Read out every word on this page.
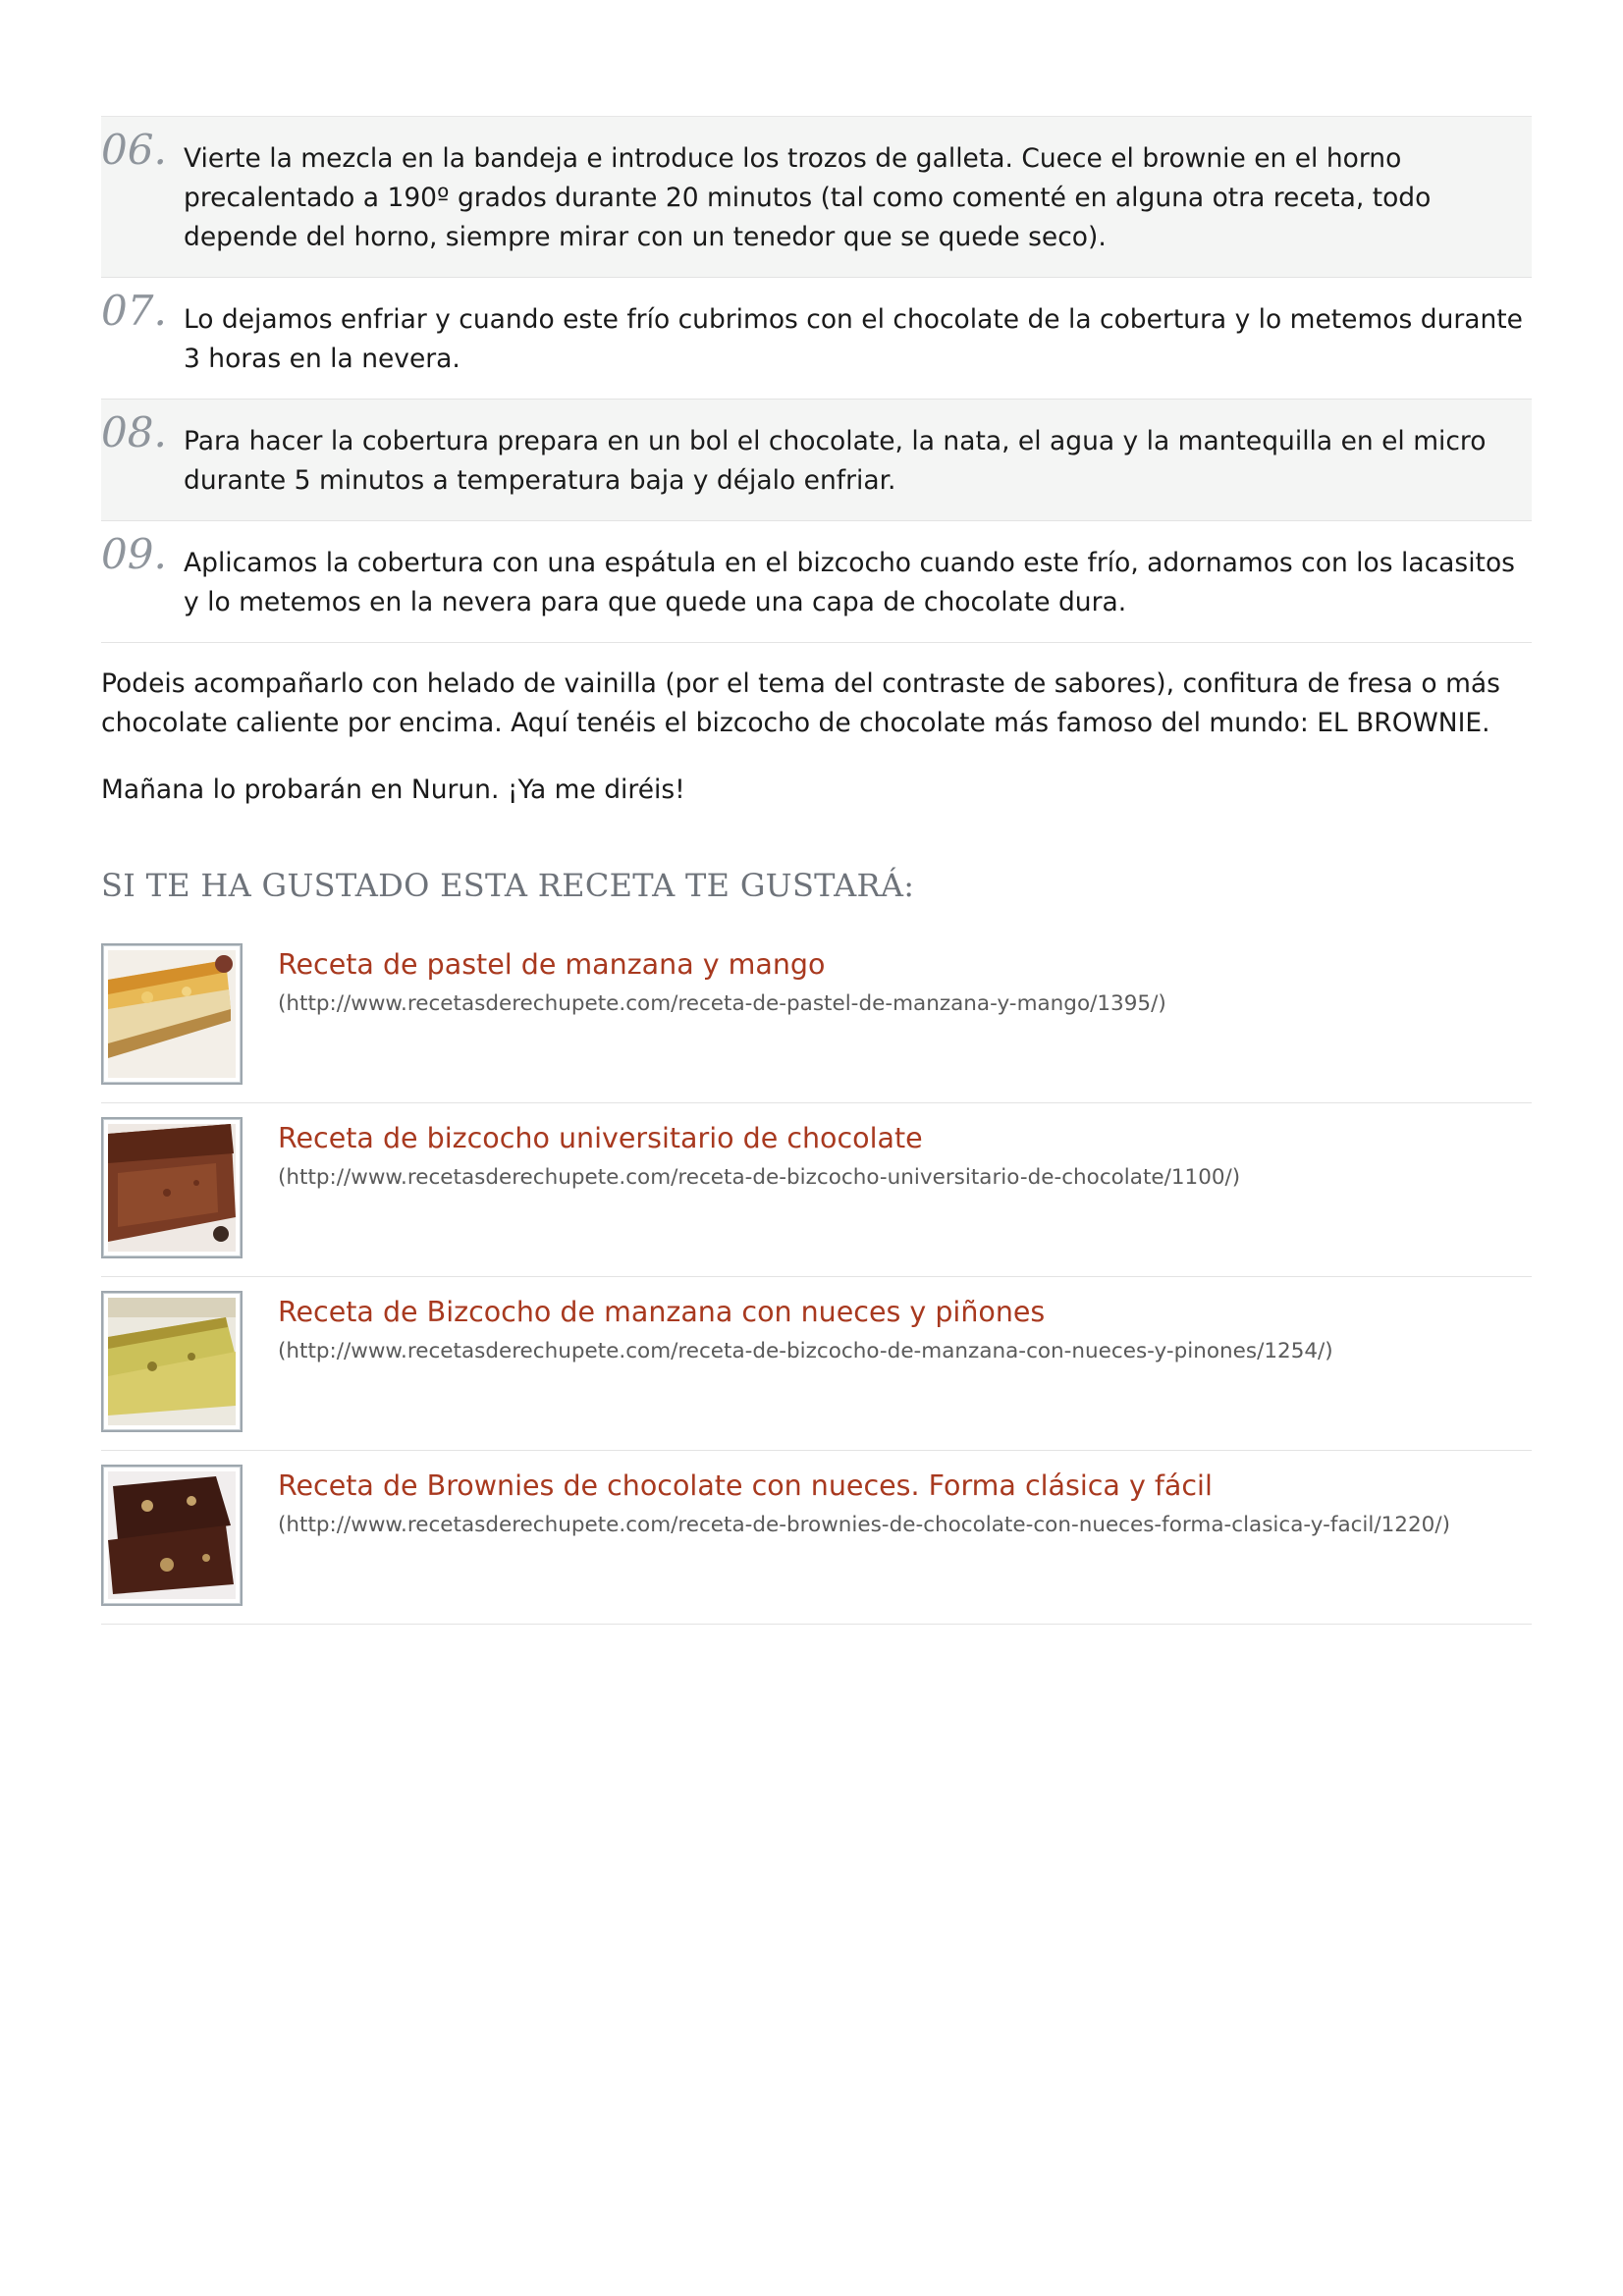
06. Vierte la mezcla en la bandeja e introduce los trozos de galleta. Cuece el brownie en el horno precalentado a 190º grados durante 20 minutos (tal como comenté en alguna otra receta, todo depende del horno, siempre mirar con un tenedor que se quede seco).
07. Lo dejamos enfriar y cuando este frío cubrimos con el chocolate de la cobertura y lo metemos durante 3 horas en la nevera.
08. Para hacer la cobertura prepara en un bol el chocolate, la nata, el agua y la mantequilla en el micro durante 5 minutos a temperatura baja y déjalo enfriar.
09. Aplicamos la cobertura con una espátula en el bizcocho cuando este frío, adornamos con los lacasitos y lo metemos en la nevera para que quede una capa de chocolate dura.

Podeis acompañarlo con helado de vainilla (por el tema del contraste de sabores), confitura de fresa o más chocolate caliente por encima. Aquí tenéis el bizcocho de chocolate más famoso del mundo: EL BROWNIE.

Mañana lo probarán en Nurun. ¡Ya me diréis!

SI TE HA GUSTADO ESTA RECETA TE GUSTARÁ:
Receta de pastel de manzana y mango
(http://www.recetasderechupete.com/receta-de-pastel-de-manzana-y-mango/1395/)
Receta de bizcocho universitario de chocolate
(http://www.recetasderechupete.com/receta-de-bizcocho-universitario-de-chocolate/1100/)
Receta de Bizcocho de manzana con nueces y piñones
(http://www.recetasderechupete.com/receta-de-bizcocho-de-manzana-con-nueces-y-pinones/1254/)
Receta de Brownies de chocolate con nueces. Forma clásica y fácil
(http://www.recetasderechupete.com/receta-de-brownies-de-chocolate-con-nueces-forma-clasica-y-facil/1220/)
